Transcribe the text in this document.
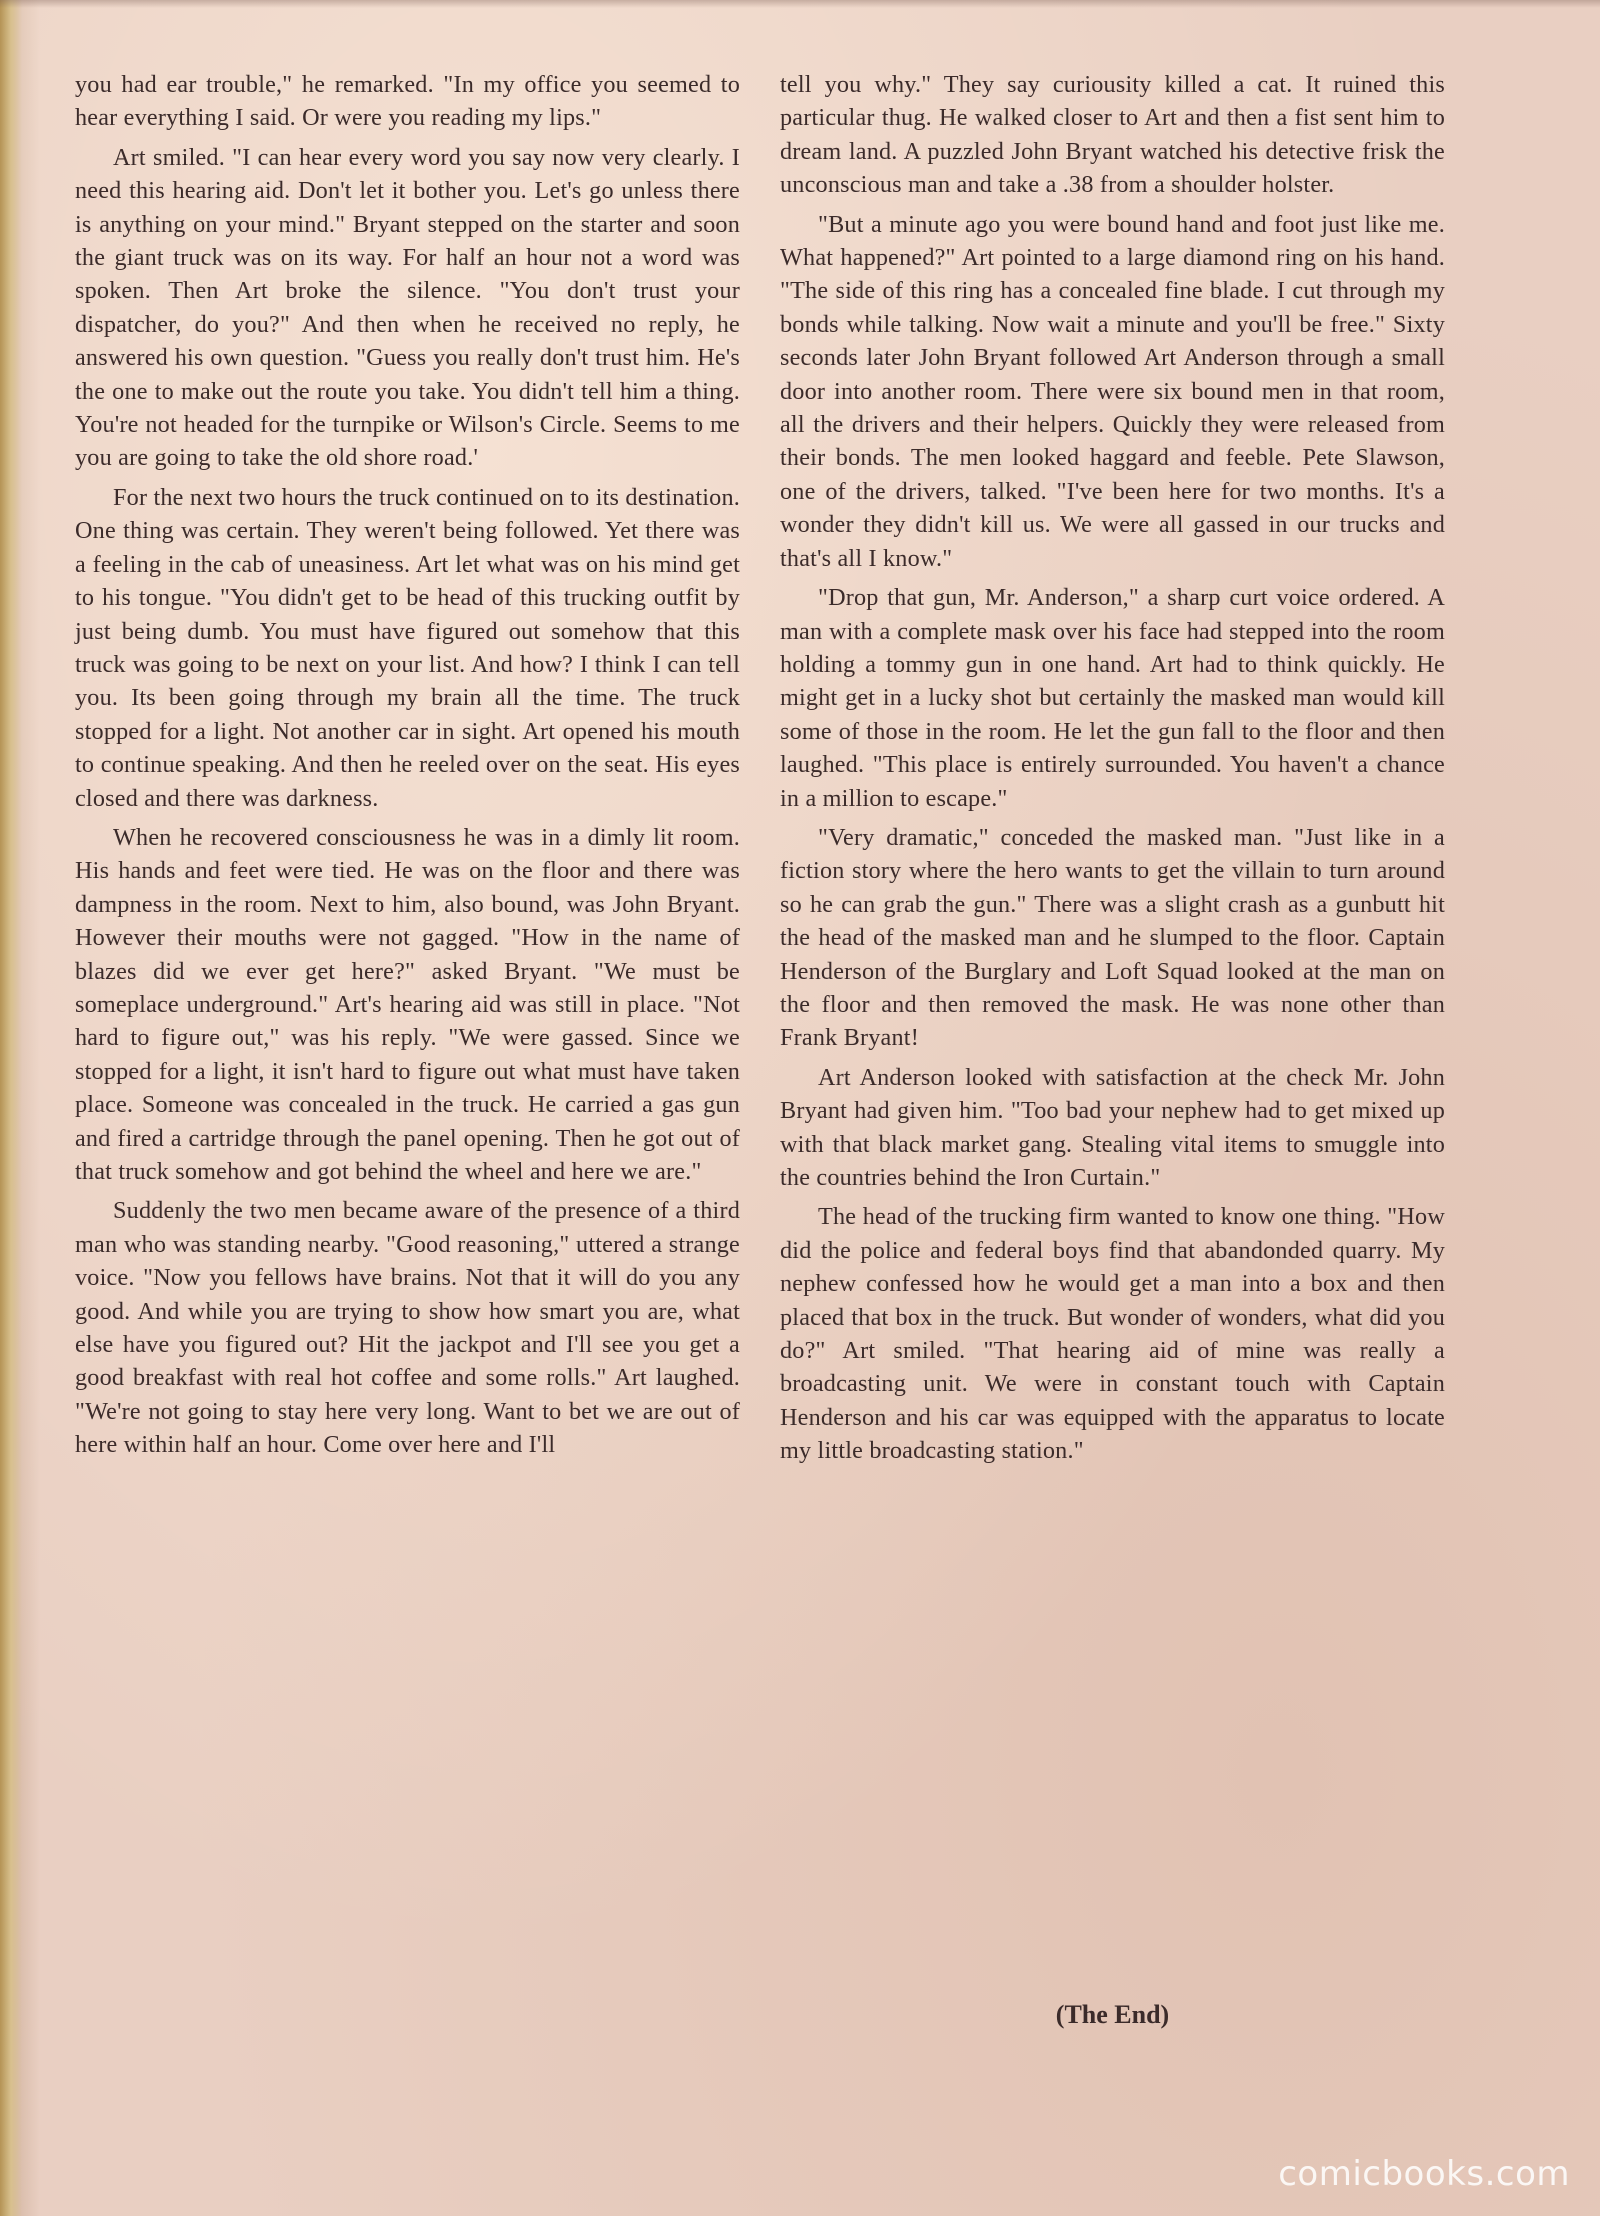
you had ear trouble," he remarked. "In my office you seemed to hear everything I said. Or were you reading my lips."

Art smiled. "I can hear every word you say now very clearly. I need this hearing aid. Don't let it bother you. Let's go unless there is anything on your mind." Bryant stepped on the starter and soon the giant truck was on its way. For half an hour not a word was spoken. Then Art broke the silence. "You don't trust your dispatcher, do you?" And then when he received no reply, he answered his own question. "Guess you really don't trust him. He's the one to make out the route you take. You didn't tell him a thing. You're not headed for the turnpike or Wilson's Circle. Seems to me you are going to take the old shore road.'

For the next two hours the truck continued on to its destination. One thing was certain. They weren't being followed. Yet there was a feeling in the cab of uneasiness. Art let what was on his mind get to his tongue. "You didn't get to be head of this trucking outfit by just being dumb. You must have figured out somehow that this truck was going to be next on your list. And how? I think I can tell you. Its been going through my brain all the time. The truck stopped for a light. Not another car in sight. Art opened his mouth to continue speaking. And then he reeled over on the seat. His eyes closed and there was darkness.

When he recovered consciousness he was in a dimly lit room. His hands and feet were tied. He was on the floor and there was dampness in the room. Next to him, also bound, was John Bryant. However their mouths were not gagged. "How in the name of blazes did we ever get here?" asked Bryant. "We must be someplace underground." Art's hearing aid was still in place. "Not hard to figure out," was his reply. "We were gassed. Since we stopped for a light, it isn't hard to figure out what must have taken place. Someone was concealed in the truck. He carried a gas gun and fired a cartridge through the panel opening. Then he got out of that truck somehow and got behind the wheel and here we are."

Suddenly the two men became aware of the presence of a third man who was standing nearby. "Good reasoning," uttered a strange voice. "Now you fellows have brains. Not that it will do you any good. And while you are trying to show how smart you are, what else have you figured out? Hit the jackpot and I'll see you get a good breakfast with real hot coffee and some rolls." Art laughed. "We're not going to stay here very long. Want to bet we are out of here within half an hour. Come over here and I'll

tell you why." They say curiousity killed a cat. It ruined this particular thug. He walked closer to Art and then a fist sent him to dream land. A puzzled John Bryant watched his detective frisk the unconscious man and take a .38 from a shoulder holster.

"But a minute ago you were bound hand and foot just like me. What happened?" Art pointed to a large diamond ring on his hand. "The side of this ring has a concealed fine blade. I cut through my bonds while talking. Now wait a minute and you'll be free." Sixty seconds later John Bryant followed Art Anderson through a small door into another room. There were six bound men in that room, all the drivers and their helpers. Quickly they were released from their bonds. The men looked haggard and feeble. Pete Slawson, one of the drivers, talked. "I've been here for two months. It's a wonder they didn't kill us. We were all gassed in our trucks and that's all I know."

"Drop that gun, Mr. Anderson," a sharp curt voice ordered. A man with a complete mask over his face had stepped into the room holding a tommy gun in one hand. Art had to think quickly. He might get in a lucky shot but certainly the masked man would kill some of those in the room. He let the gun fall to the floor and then laughed. "This place is entirely surrounded. You haven't a chance in a million to escape."

"Very dramatic," conceded the masked man. "Just like in a fiction story where the hero wants to get the villain to turn around so he can grab the gun." There was a slight crash as a gunbutt hit the head of the masked man and he slumped to the floor. Captain Henderson of the Burglary and Loft Squad looked at the man on the floor and then removed the mask. He was none other than Frank Bryant!

Art Anderson looked with satisfaction at the check Mr. John Bryant had given him. "Too bad your nephew had to get mixed up with that black market gang. Stealing vital items to smuggle into the countries behind the Iron Curtain."

The head of the trucking firm wanted to know one thing. "How did the police and federal boys find that abandonded quarry. My nephew confessed how he would get a man into a box and then placed that box in the truck. But wonder of wonders, what did you do?" Art smiled. "That hearing aid of mine was really a broadcasting unit. We were in constant touch with Captain Henderson and his car was equipped with the apparatus to locate my little broadcasting station."

(The End)
comicbooks.com
